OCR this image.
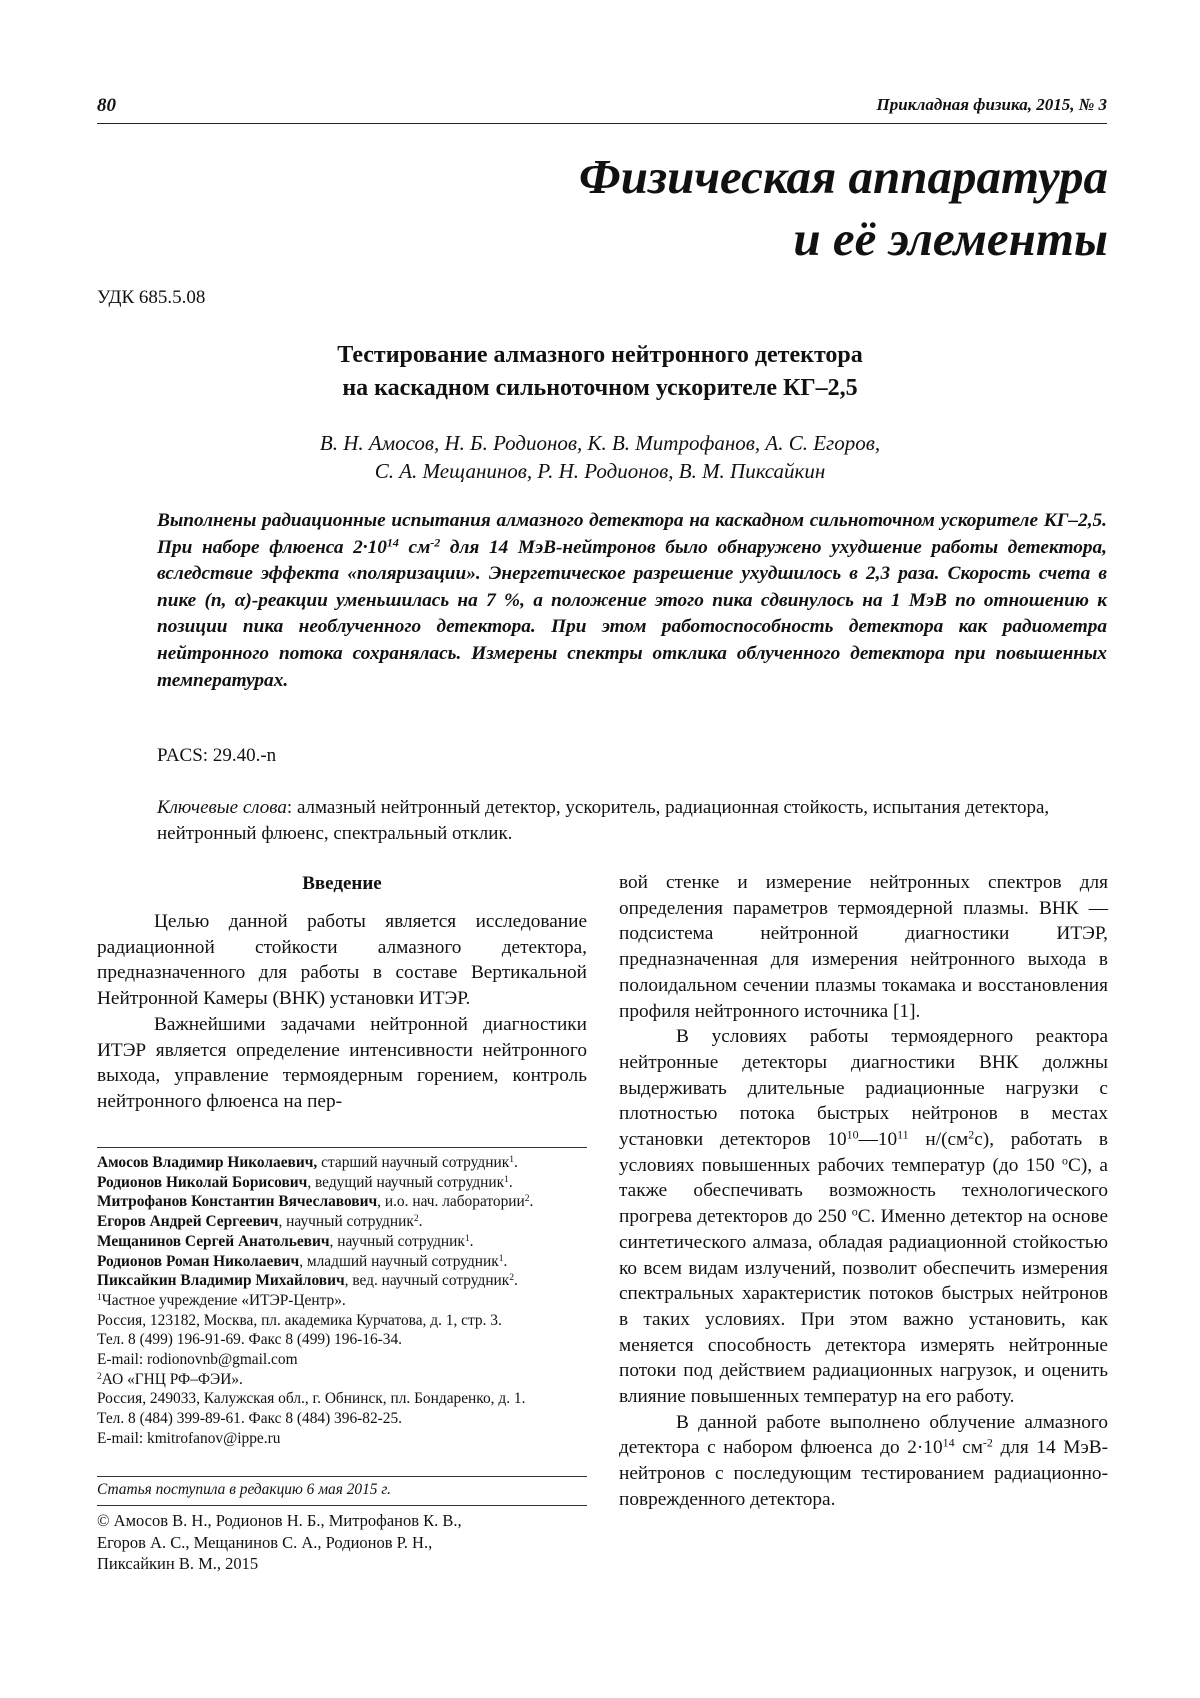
80	Прикладная физика, 2015, № 3
Физическая аппаратура
и её элементы
УДК 685.5.08
Тестирование алмазного нейтронного детектора
на каскадном сильноточном ускорителе КГ–2,5
В. Н. Амосов, Н. Б. Родионов, К. В. Митрофанов, А. С. Егоров,
С. А. Мещанинов, Р. Н. Родионов, В. М. Пиксайкин
Выполнены радиационные испытания алмазного детектора на каскадном сильноточном ускорителе КГ–2,5. При наборе флюенса $2\cdot 10^{14}$ $см^{-2}$ для 14 МэВ-нейтронов было обнаружено ухудшение работы детектора, вследствие эффекта «поляризации». Энергетическое разрешение ухудшилось в 2,3 раза. Скорость счета в пике (n, α)-реакции уменьшилась на 7 %, а положение этого пика сдвинулось на 1 МэВ по отношению к позиции пика необлученного детектора. При этом работоспособность детектора как радиометра нейтронного потока сохранялась. Измерены спектры отклика облученного детектора при повышенных температурах.
PACS: 29.40.-n
Ключевые слова: алмазный нейтронный детектор, ускоритель, радиационная стойкость, испытания детектора, нейтронный флюенс, спектральный отклик.
Введение

Целью данной работы является исследование радиационной стойкости алмазного детектора, предназначенного для работы в составе Вертикальной Нейтронной Камеры (ВНК) установки ИТЭР.

Важнейшими задачами нейтронной диагностики ИТЭР является определение интенсивности нейтронного выхода, управление термоядерным горением, контроль нейтронного флюенса на пер-

Амосов Владимир Николаевич, старший научный сотрудник$^1$.
Родионов Николай Борисович, ведущий научный сотрудник$^1$.
Митрофанов Константин Вячеславович, и.о. нач. лаборатории$^2$.
Егоров Андрей Сергеевич, научный сотрудник$^2$.
Мещанинов Сергей Анатольевич, научный сотрудник$^1$.
Родионов Роман Николаевич, младший научный сотрудник$^1$.
Пиксайкин Владимир Михайлович, вед. научный сотрудник$^2$.
$^1$Частное учреждение «ИТЭР-Центр».
Россия, 123182, Москва, пл. академика Курчатова, д. 1, стр. 3.
Тел. 8 (499) 196-91-69. Факс 8 (499) 196-16-34.
E-mail: rodionovnb@gmail.com
$^2$АО «ГНЦ РФ–ФЭИ».
Россия, 249033, Калужская обл., г. Обнинск, пл. Бондаренко, д. 1.
Тел. 8 (484) 399-89-61. Факс 8 (484) 396-82-25.
E-mail: kmitrofanov@ippe.ru
Статья поступила в редакцию 6 мая 2015 г.
© Амосов В. Н., Родионов Н. Б., Митрофанов К. В.,
Егоров А. С., Мещанинов С. А., Родионов Р. Н.,
Пиксайкин В. М., 2015

вой стенке и измерение нейтронных спектров для определения параметров термоядерной плазмы. ВНК — подсистема нейтронной диагностики ИТЭР, предназначенная для измерения нейтронного выхода в полоидальном сечении плазмы токамака и восстановления профиля нейтронного источника [1].

В условиях работы термоядерного реактора нейтронные детекторы диагностики ВНК должны выдерживать длительные радиационные нагрузки с плотностью потока быстрых нейтронов в местах установки детекторов $10^{10}—10^{11}$ $н/(см^2с)$, работать в условиях повышенных рабочих температур (до 150 $^о$С), а также обеспечивать возможность технологического прогрева детекторов до 250 $^о$С. Именно детектор на основе синтетического алмаза, обладая радиационной стойкостью ко всем видам излучений, позволит обеспечить измерения спектральных характеристик потоков быстрых нейтронов в таких условиях. При этом важно установить, как меняется способность детектора измерять нейтронные потоки под действием радиационных нагрузок, и оценить влияние повышенных температур на его работу.

В данной работе выполнено облучение алмазного детектора с набором флюенса до $2\cdot 10^{14}$ $см^{-2}$ для 14 МэВ-нейтронов с последующим тестированием радиационно-поврежденного детектора.
